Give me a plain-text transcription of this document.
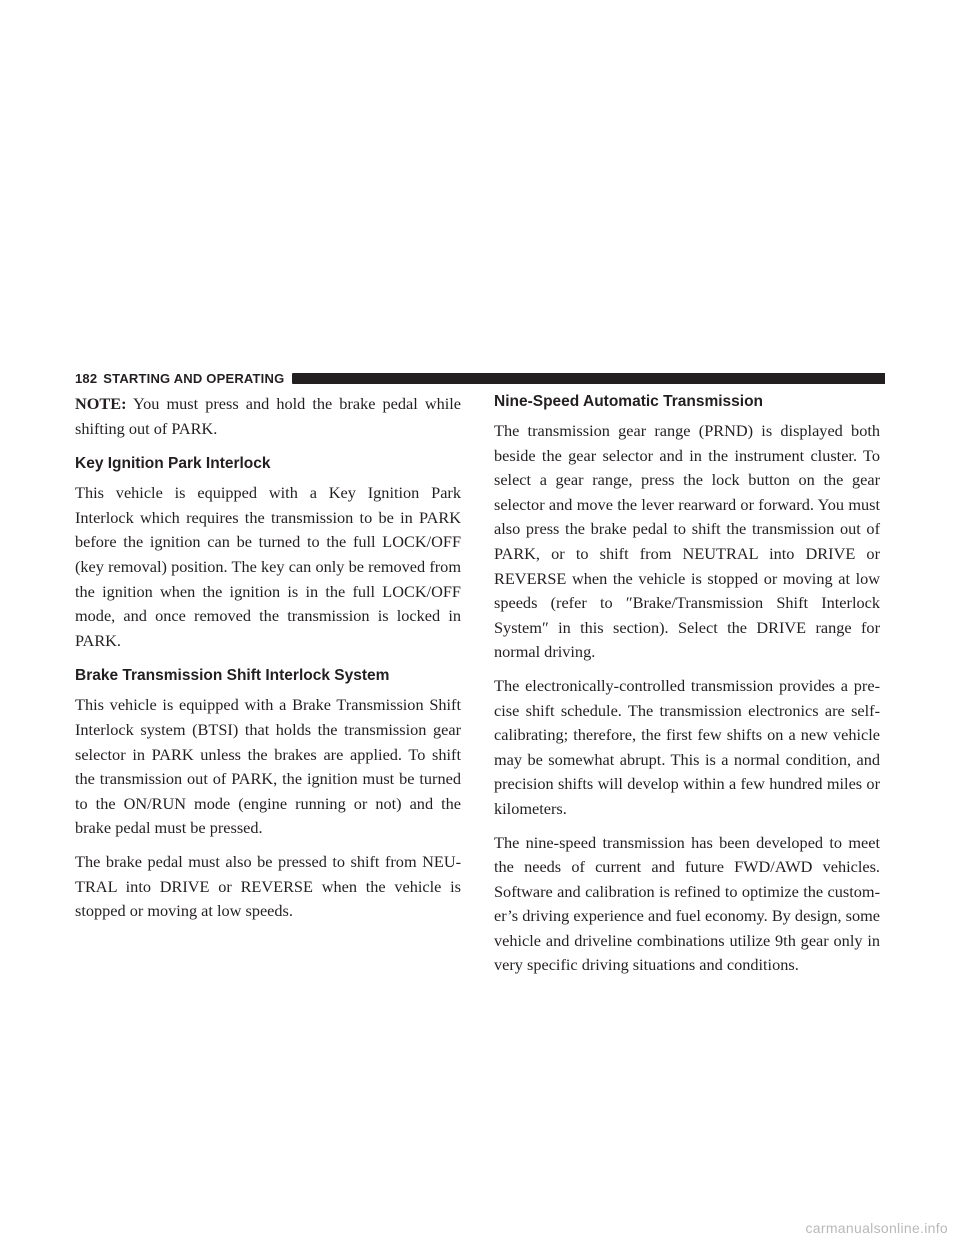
182 STARTING AND OPERATING

NOTE: You must press and hold the brake pedal while shifting out of PARK.

Key Ignition Park Interlock

This vehicle is equipped with a Key Ignition Park Interlock which requires the transmission to be in PARK before the ignition can be turned to the full LOCK/OFF (key removal) position. The key can only be removed from the ignition when the ignition is in the full LOCK/OFF mode, and once removed the transmission is locked in PARK.

Brake Transmission Shift Interlock System

This vehicle is equipped with a Brake Transmission Shift Interlock system (BTSI) that holds the transmission gear selector in PARK unless the brakes are applied. To shift the transmission out of PARK, the ignition must be turned to the ON/RUN mode (engine running or not) and the brake pedal must be pressed.

The brake pedal must also be pressed to shift from NEUTRAL into DRIVE or REVERSE when the vehicle is stopped or moving at low speeds.

Nine-Speed Automatic Transmission

The transmission gear range (PRND) is displayed both beside the gear selector and in the instrument cluster. To select a gear range, press the lock button on the gear selector and move the lever rearward or forward. You must also press the brake pedal to shift the transmission out of PARK, or to shift from NEUTRAL into DRIVE or REVERSE when the vehicle is stopped or moving at low speeds (refer to ″Brake/Transmission Shift Interlock System″ in this section). Select the DRIVE range for normal driving.

The electronically-controlled transmission provides a precise shift schedule. The transmission electronics are selfcalibrating; therefore, the first few shifts on a new vehicle may be somewhat abrupt. This is a normal condition, and precision shifts will develop within a few hundred miles or kilometers.

The nine-speed transmission has been developed to meet the needs of current and future FWD/AWD vehicles. Software and calibration is refined to optimize the customer’s driving experience and fuel economy. By design, some vehicle and driveline combinations utilize 9th gear only in very specific driving situations and conditions.

carmanualsonline.info
